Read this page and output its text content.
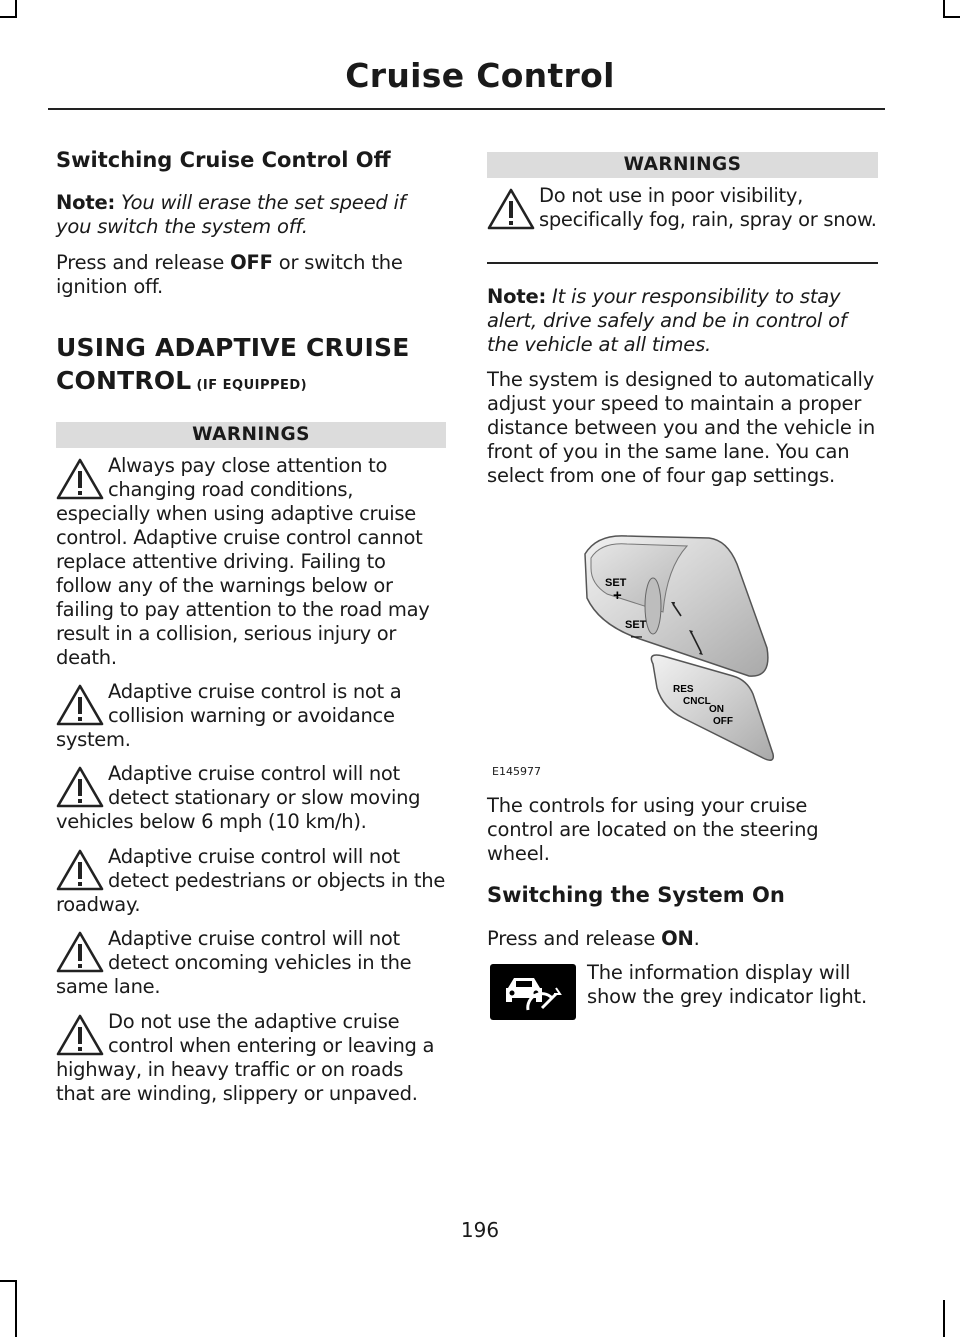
Cruise Control
Switching Cruise Control Off
Note: You will erase the set speed if you switch the system off.
Press and release OFF or switch the ignition off.
USING ADAPTIVE CRUISE
CONTROL (IF EQUIPPED)
WARNINGS
Always pay close attention to changing road conditions, especially when using adaptive cruise control. Adaptive cruise control cannot replace attentive driving. Failing to follow any of the warnings below or failing to pay attention to the road may result in a collision, serious injury or death.
Adaptive cruise control is not a collision warning or avoidance system.
Adaptive cruise control will not detect stationary or slow moving vehicles below 6 mph (10 km/h).
Adaptive cruise control will not detect pedestrians or objects in the roadway.
Adaptive cruise control will not detect oncoming vehicles in the same lane.
Do not use the adaptive cruise control when entering or leaving a highway, in heavy traffic or on roads that are winding, slippery or unpaved.
WARNINGS
Do not use in poor visibility, specifically fog, rain, spray or snow.
Note: It is your responsibility to stay alert, drive safely and be in control of the vehicle at all times.
The system is designed to automatically adjust your speed to maintain a proper distance between you and the vehicle in front of you in the same lane. You can select from one of four gap settings.
SET
+
SET
—
RES
CNCL
ON
OFF
E145977
The controls for using your cruise control are located on the steering wheel.
Switching the System On
Press and release ON.
The information display will show the grey indicator light.
196
